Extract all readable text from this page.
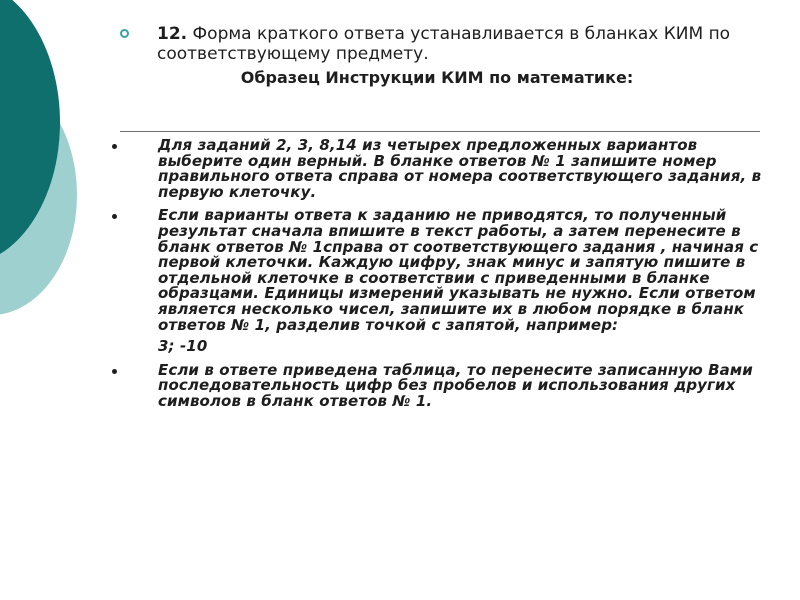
12. Форма краткого ответа устанавливается в бланках КИМ по соответствующему предмету.
Образец Инструкции КИМ по математике:
Для заданий 2, 3, 8,14 из четырех предложенных вариантов выберите один верный. В бланке ответов № 1 запишите номер правильного ответа справа от номера соответствующего задания, в первую клеточку.
Если варианты ответа к заданию не приводятся, то полученный результат сначала впишите в текст работы, а затем перенесите в бланк ответов № 1справа от соответствующего задания , начиная с первой клеточки. Каждую цифру, знак минус и запятую пишите в отдельной клеточке в соответствии с приведенными в бланке образцами. Единицы измерений указывать не нужно. Если ответом является несколько чисел, запишите их в любом порядке в бланк ответов № 1, разделив точкой с запятой, например:
3; -10
Если в ответе приведена таблица, то перенесите записанную Вами последовательность цифр без пробелов и использования других символов в бланк ответов № 1.
